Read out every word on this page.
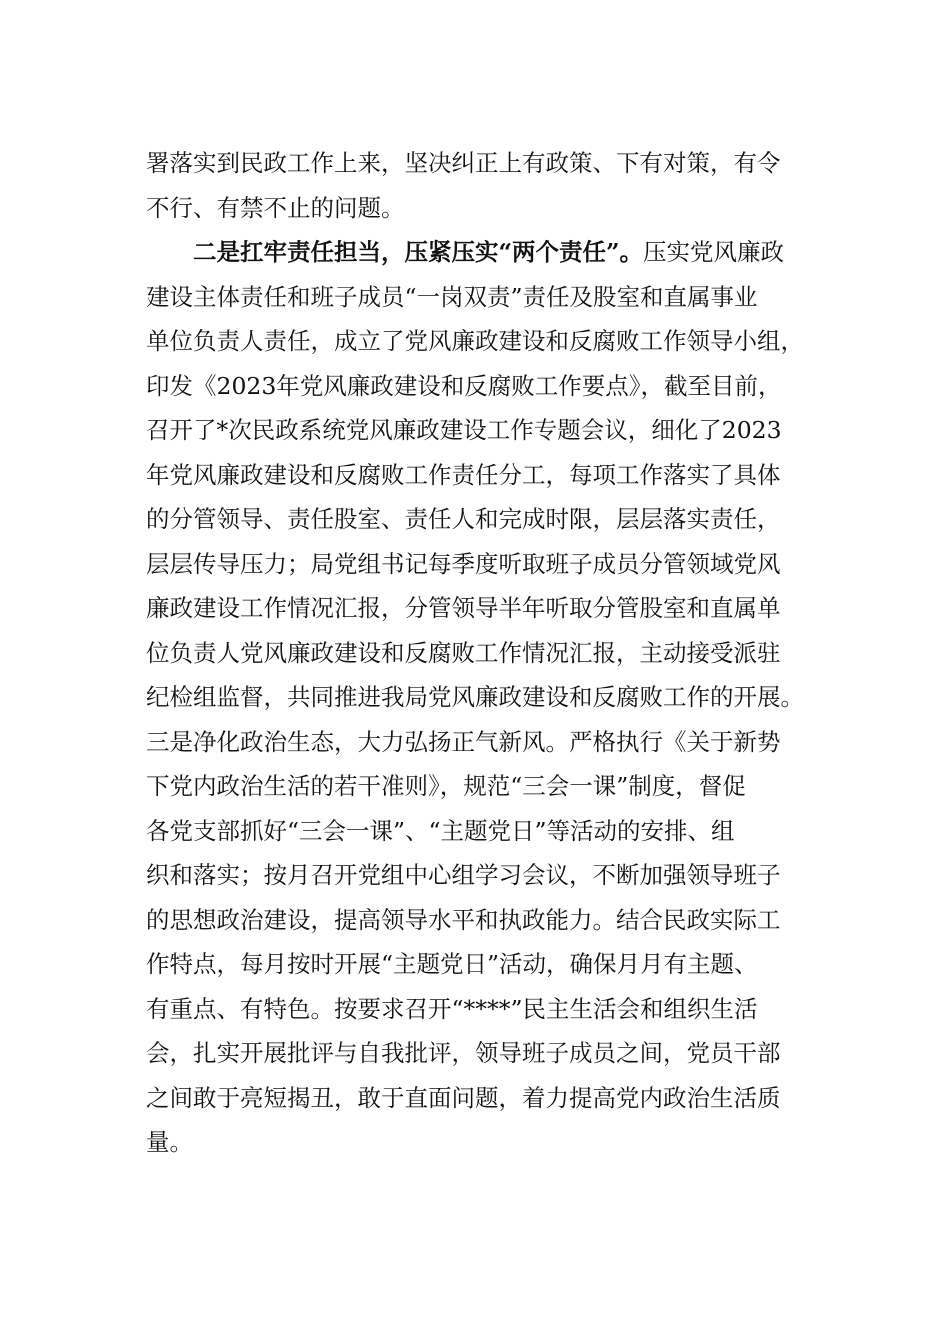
署落实到民政工作上来，坚决纠正上有政策、下有对策，有令
不行、有禁不止的问题。
二是扛牢责任担当，压紧压实“两个责任”。压实党风廉政
建设主体责任和班子成员“一岗双责”责任及股室和直属事业
单位负责人责任，成立了党风廉政建设和反腐败工作领导小组，
印发《2023年党风廉政建设和反腐败工作要点》，截至目前，
召开了*次民政系统党风廉政建设工作专题会议，细化了2023
年党风廉政建设和反腐败工作责任分工，每项工作落实了具体
的分管领导、责任股室、责任人和完成时限，层层落实责任，
层层传导压力；局党组书记每季度听取班子成员分管领域党风
廉政建设工作情况汇报，分管领导半年听取分管股室和直属单
位负责人党风廉政建设和反腐败工作情况汇报，主动接受派驻
纪检组监督，共同推进我局党风廉政建设和反腐败工作的开展。
三是净化政治生态，大力弘扬正气新风。严格执行《关于新势
下党内政治生活的若干准则》，规范“三会一课”制度，督促
各党支部抓好“三会一课”、“主题党日”等活动的安排、组
织和落实；按月召开党组中心组学习会议，不断加强领导班子
的思想政治建设，提高领导水平和执政能力。结合民政实际工
作特点，每月按时开展“主题党日”活动，确保月月有主题、
有重点、有特色。按要求召开“****”民主生活会和组织生活
会，扎实开展批评与自我批评，领导班子成员之间，党员干部
之间敢于亮短揭丑，敢于直面问题，着力提高党内政治生活质
量。
